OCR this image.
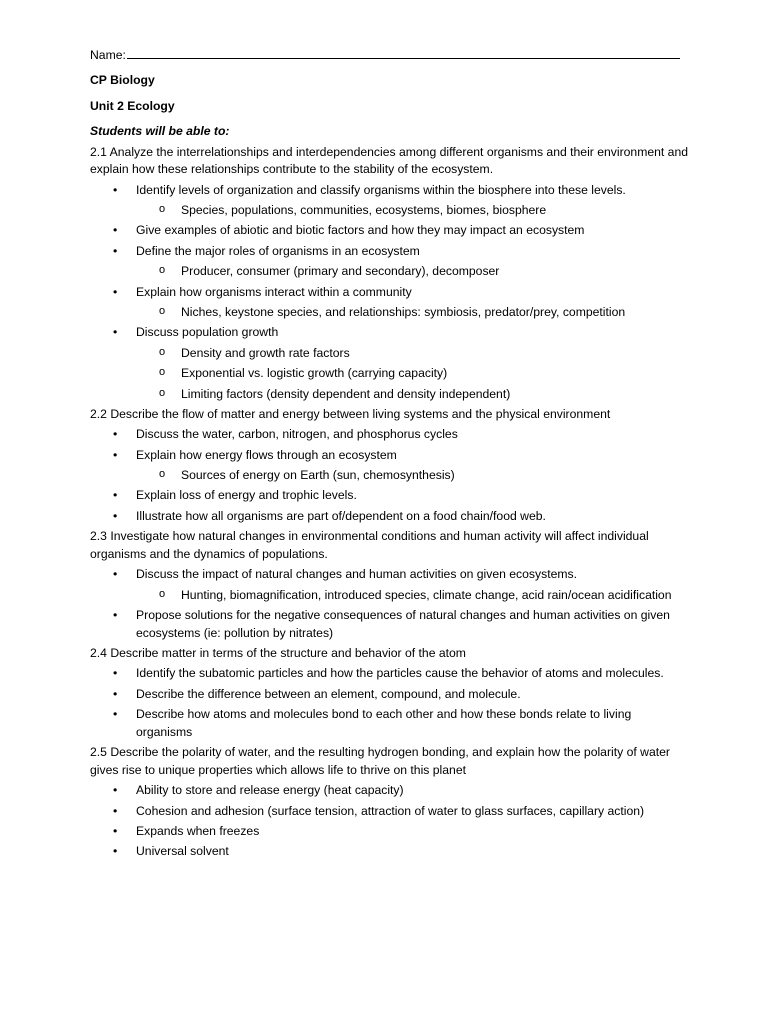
Name:
CP Biology
Unit 2 Ecology
Students will be able to:
2.1 Analyze the interrelationships and interdependencies among different organisms and their environment and explain how these relationships contribute to the stability of the ecosystem.
• Identify levels of organization and classify organisms within the biosphere into these levels.
o Species, populations, communities, ecosystems, biomes, biosphere
• Give examples of abiotic and biotic factors and how they may impact an ecosystem
• Define the major roles of organisms in an ecosystem
o Producer, consumer (primary and secondary), decomposer
• Explain how organisms interact within a community
o Niches, keystone species, and relationships: symbiosis, predator/prey, competition
• Discuss population growth
o Density and growth rate factors
o Exponential vs. logistic growth (carrying capacity)
o Limiting factors (density dependent and density independent)
2.2 Describe the flow of matter and energy between living systems and the physical environment
• Discuss the water, carbon, nitrogen, and phosphorus cycles
• Explain how energy flows through an ecosystem
o Sources of energy on Earth (sun, chemosynthesis)
• Explain loss of energy and trophic levels.
• Illustrate how all organisms are part of/dependent on a food chain/food web.
2.3 Investigate how natural changes in environmental conditions and human activity will affect individual organisms and the dynamics of populations.
• Discuss the impact of natural changes and human activities on given ecosystems.
o Hunting, biomagnification, introduced species, climate change, acid rain/ocean acidification
• Propose solutions for the negative consequences of natural changes and human activities on given ecosystems (ie: pollution by nitrates)
2.4 Describe matter in terms of the structure and behavior of the atom
• Identify the subatomic particles and how the particles cause the behavior of atoms and molecules.
• Describe the difference between an element, compound, and molecule.
• Describe how atoms and molecules bond to each other and how these bonds relate to living organisms
2.5 Describe the polarity of water, and the resulting hydrogen bonding, and explain how the polarity of water gives rise to unique properties which allows life to thrive on this planet
• Ability to store and release energy (heat capacity)
• Cohesion and adhesion (surface tension, attraction of water to glass surfaces, capillary action)
• Expands when freezes
• Universal solvent
